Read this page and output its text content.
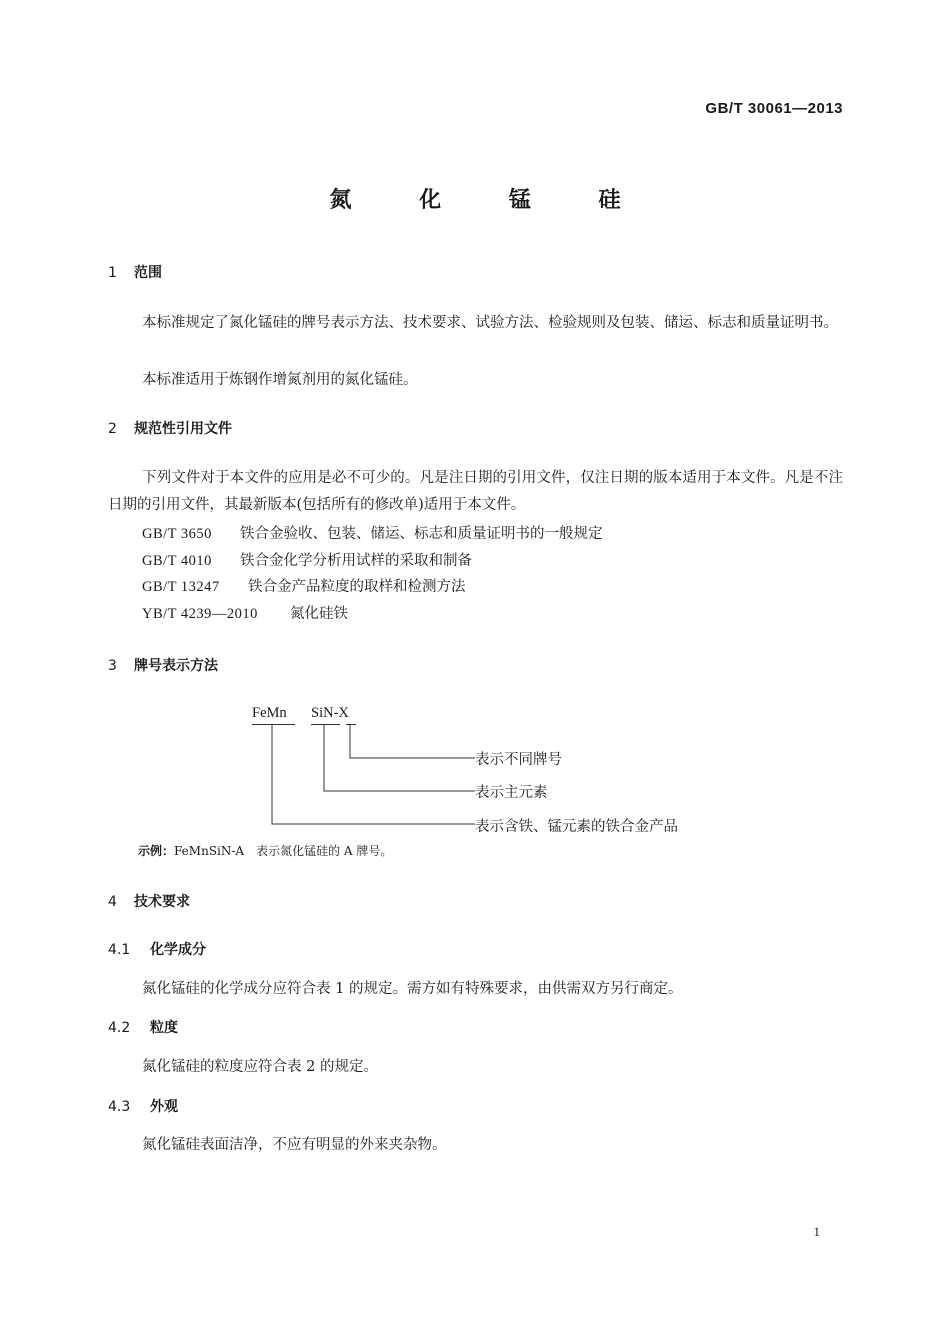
GB/T 30061—2013
氮 化 锰 硅
1 范围
本标准规定了氮化锰硅的牌号表示方法、技术要求、试验方法、检验规则及包装、储运、标志和质量证明书。
本标准适用于炼钢作增氮剂用的氮化锰硅。
2 规范性引用文件
下列文件对于本文件的应用是必不可少的。凡是注日期的引用文件，仅注日期的版本适用于本文件。凡是不注日期的引用文件，其最新版本(包括所有的修改单)适用于本文件。
GB/T 3650 铁合金验收、包装、储运、标志和质量证明书的一般规定
GB/T 4010 铁合金化学分析用试样的采取和制备
GB/T 13247 铁合金产品粒度的取样和检测方法
YB/T 4239—2010 氮化硅铁
3 牌号表示方法
FeMn SiN-X
表示不同牌号
表示主元素
表示含铁、锰元素的铁合金产品
示例：FeMnSiN-A　表示氮化锰硅的 A 牌号。
4 技术要求
4.1 化学成分
氮化锰硅的化学成分应符合表 1 的规定。需方如有特殊要求，由供需双方另行商定。
4.2 粒度
氮化锰硅的粒度应符合表 2 的规定。
4.3 外观
氮化锰硅表面洁净，不应有明显的外来夹杂物。
1
